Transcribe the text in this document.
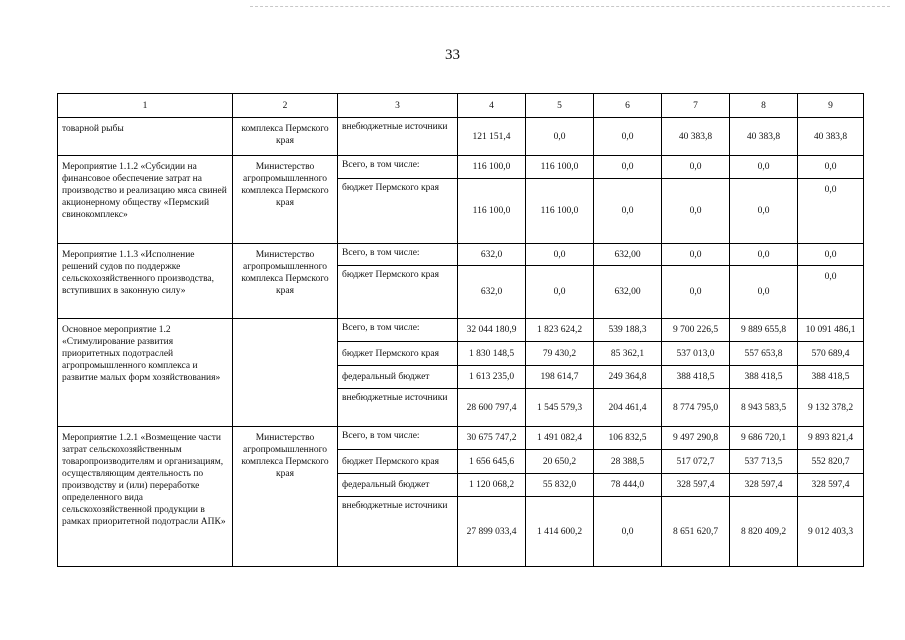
33
1	2	3	4	5	6	7	8	9
товарной рыбы	комплекса Пермского края	внебюджетные источники	121 151,4	0,0	0,0	40 383,8	40 383,8	40 383,8
Мероприятие 1.1.2 «Субсидии на финансовое обеспечение затрат на производство и реализацию мяса свиней акционерному обществу «Пермский свинокомплекс»	Министерство агропромышленного комплекса Пермского края	Всего, в том числе:	116 100,0	116 100,0	0,0	0,0	0,0	0,0
		бюджет Пермского края	116 100,0	116 100,0	0,0	0,0	0,0	0,0
Мероприятие 1.1.3 «Исполнение решений судов по поддержке сельскохозяйственного производства, вступивших в законную силу»	Министерство агропромышленного комплекса Пермского края	Всего, в том числе:	632,0	0,0	632,00	0,0	0,0	0,0
		бюджет Пермского края	632,0	0,0	632,00	0,0	0,0	0,0
Основное мероприятие 1.2 «Стимулирование развития приоритетных подотраслей агропромышленного комплекса и развитие малых форм хозяйствования»		Всего, в том числе:	32 044 180,9	1 823 624,2	539 188,3	9 700 226,5	9 889 655,8	10 091 486,1
		бюджет Пермского края	1 830 148,5	79 430,2	85 362,1	537 013,0	557 653,8	570 689,4
		федеральный бюджет	1 613 235,0	198 614,7	249 364,8	388 418,5	388 418,5	388 418,5
		внебюджетные источники	28 600 797,4	1 545 579,3	204 461,4	8 774 795,0	8 943 583,5	9 132 378,2
Мероприятие 1.2.1 «Возмещение части затрат сельскохозяйственным товаропроизводителям и организациям, осуществляющим деятельность по производству и (или) переработке определенного вида сельскохозяйственной продукции в рамках приоритетной подотрасли АПК»	Министерство агропромышленного комплекса Пермского края	Всего, в том числе:	30 675 747,2	1 491 082,4	106 832,5	9 497 290,8	9 686 720,1	9 893 821,4
		бюджет Пермского края	1 656 645,6	20 650,2	28 388,5	517 072,7	537 713,5	552 820,7
		федеральный бюджет	1 120 068,2	55 832,0	78 444,0	328 597,4	328 597,4	328 597,4
		внебюджетные источники	27 899 033,4	1 414 600,2	0,0	8 651 620,7	8 820 409,2	9 012 403,3
